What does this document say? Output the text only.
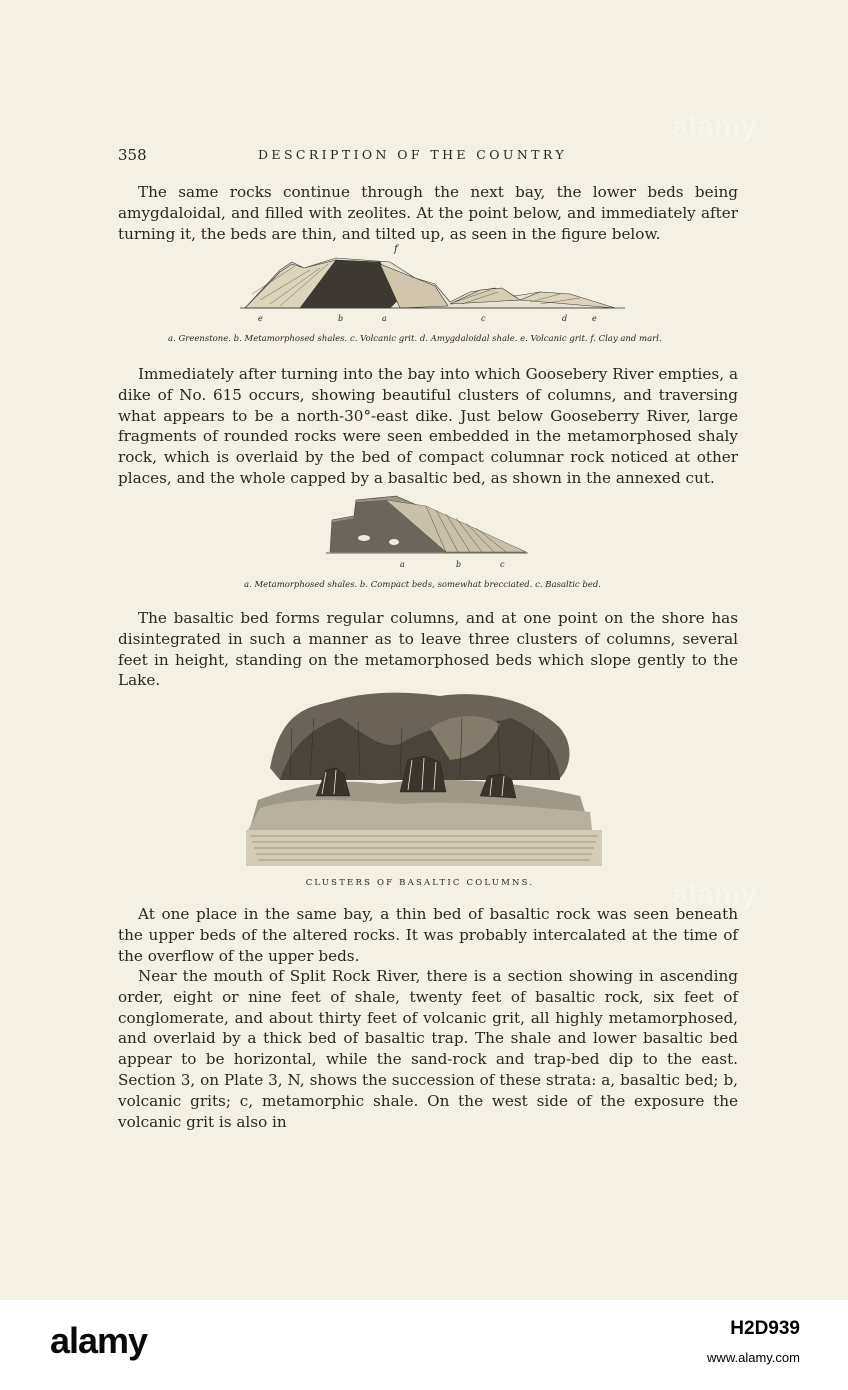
358	DESCRIPTION OF THE COUNTRY

The same rocks continue through the next bay, the lower beds being amygdaloidal, and filled with zeolites. At the point below, and immediately after turning it, the beds are thin, and tilted up, as seen in the figure below.

f
e	b	a	c	d	e
a. Greenstone. b. Metamorphosed shales. c. Volcanic grit. d. Amygdaloidal shale. e. Volcanic grit. f. Clay and marl.

Immediately after turning into the bay into which Goosebery River empties, a dike of No. 615 occurs, showing beautiful clusters of columns, and traversing what appears to be a north-30°-east dike. Just below Gooseberry River, large fragments of rounded rocks were seen embedded in the metamorphosed shaly rock, which is overlaid by the bed of compact columnar rock noticed at other places, and the whole capped by a basaltic bed, as shown in the annexed cut.

a	b	c
a. Metamorphosed shales. b. Compact beds, somewhat brecciated. c. Basaltic bed.

The basaltic bed forms regular columns, and at one point on the shore has disintegrated in such a manner as to leave three clusters of columns, several feet in height, standing on the metamorphosed beds which slope gently to the Lake.

CLUSTERS OF BASALTIC COLUMNS.

At one place in the same bay, a thin bed of basaltic rock was seen beneath the upper beds of the altered rocks. It was probably intercalated at the time of the overflow of the upper beds.

Near the mouth of Split Rock River, there is a section showing in ascending order, eight or nine feet of shale, twenty feet of basaltic rock, six feet of conglomerate, and about thirty feet of volcanic grit, all highly metamorphosed, and overlaid by a thick bed of basaltic trap. The shale and lower basaltic bed appear to be horizontal, while the sand-rock and trap-bed dip to the east. Section 3, on Plate 3, N, shows the succession of these strata: a, basaltic bed; b, volcanic grits; c, metamorphic shale. On the west side of the exposure the volcanic grit is also in

alamy
alamy
alamy	H2D939
www.alamy.com
